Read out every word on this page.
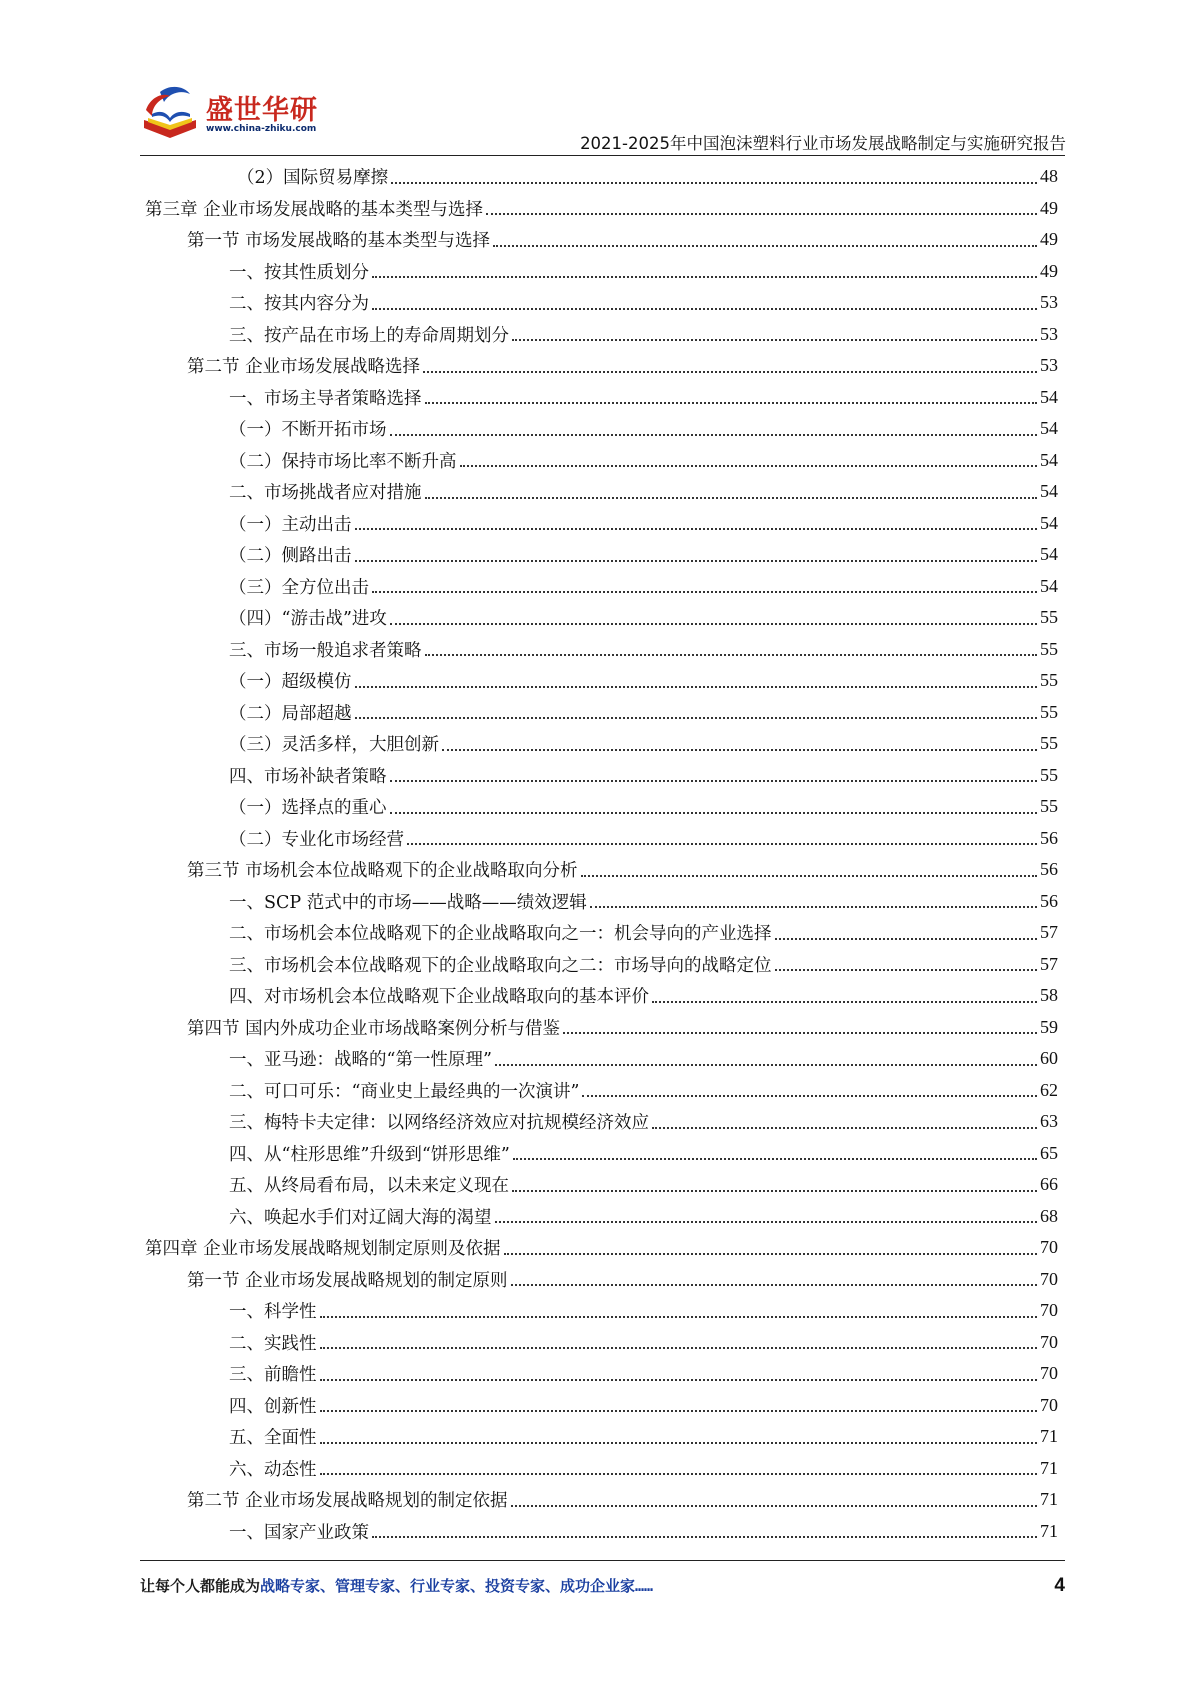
盛世华研
www.china-zhiku.com
2021-2025年中国泡沫塑料行业市场发展战略制定与实施研究报告
（2）国际贸易摩擦	48
第三章 企业市场发展战略的基本类型与选择	49
第一节 市场发展战略的基本类型与选择	49
一、按其性质划分	49
二、按其内容分为	53
三、按产品在市场上的寿命周期划分	53
第二节 企业市场发展战略选择	53
一、市场主导者策略选择	54
（一）不断开拓市场	54
（二）保持市场比率不断升高	54
二、市场挑战者应对措施	54
（一）主动出击	54
（二）侧路出击	54
（三）全方位出击	54
（四）“游击战”进攻	55
三、市场一般追求者策略	55
（一）超级模仿	55
（二）局部超越	55
（三）灵活多样，大胆创新	55
四、市场补缺者策略	55
（一）选择点的重心	55
（二）专业化市场经营	56
第三节 市场机会本位战略观下的企业战略取向分析	56
一、SCP 范式中的市场——战略——绩效逻辑	56
二、市场机会本位战略观下的企业战略取向之一：机会导向的产业选择	57
三、市场机会本位战略观下的企业战略取向之二：市场导向的战略定位	57
四、对市场机会本位战略观下企业战略取向的基本评价	58
第四节 国内外成功企业市场战略案例分析与借鉴	59
一、亚马逊：战略的“第一性原理”	60
二、可口可乐：“商业史上最经典的一次演讲”	62
三、梅特卡夫定律：以网络经济效应对抗规模经济效应	63
四、从“柱形思维”升级到“饼形思维”	65
五、从终局看布局，以未来定义现在	66
六、唤起水手们对辽阔大海的渴望	68
第四章 企业市场发展战略规划制定原则及依据	70
第一节 企业市场发展战略规划的制定原则	70
一、科学性	70
二、实践性	70
三、前瞻性	70
四、创新性	70
五、全面性	71
六、动态性	71
第二节 企业市场发展战略规划的制定依据	71
一、国家产业政策	71
让每个人都能成为战略专家、管理专家、行业专家、投资专家、成功企业家……	4
